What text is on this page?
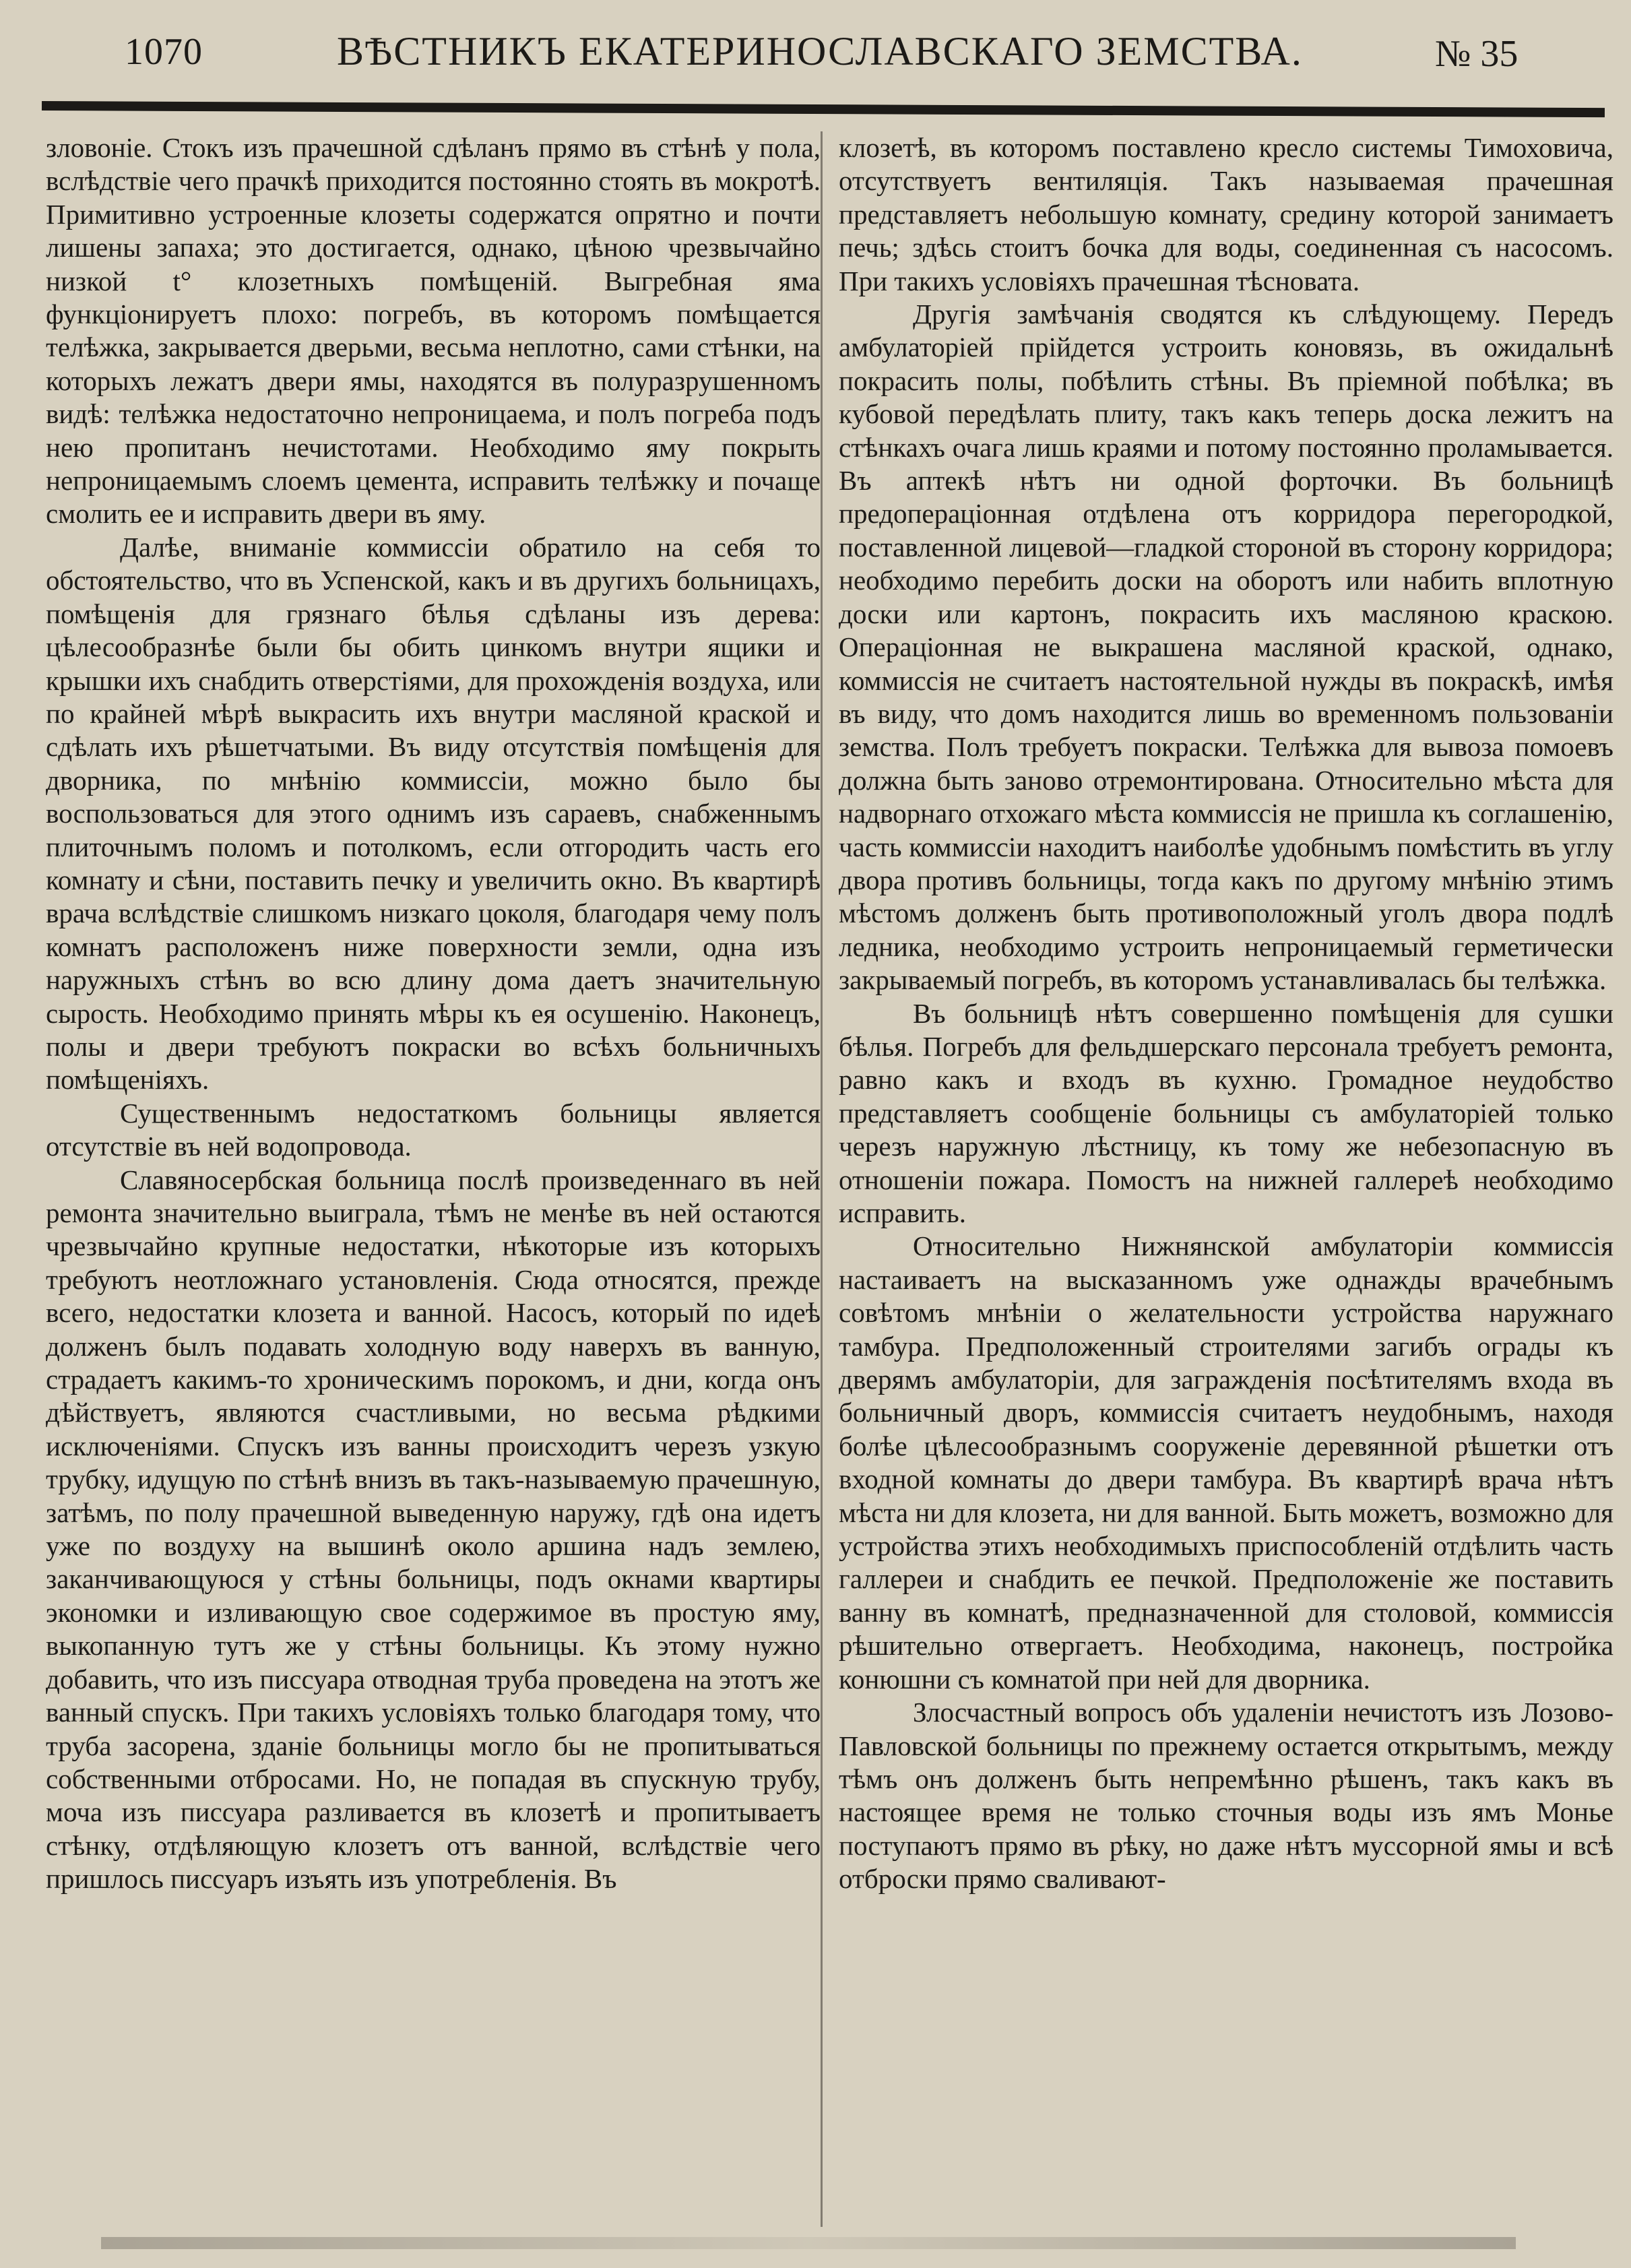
1070	ВѢСТНИКЪ ЕКАТЕРИНОСЛАВСКАГО ЗЕМСТВА.	№ 35

зловоніе. Стокъ изъ прачешной сдѣланъ прямо въ стѣнѣ у пола, вслѣдствіе чего прачкѣ приходится постоянно стоять въ мокротѣ. Примитивно устроенные клозеты содержатся опрятно и почти лишены запаха; это достигается, однако, цѣною чрезвычайно низкой t° клозетныхъ помѣщеній. Выгребная яма функціонируетъ плохо: погребъ, въ которомъ помѣщается телѣжка, закрывается дверьми, весьма неплотно, сами стѣнки, на которыхъ лежатъ двери ямы, находятся въ полуразрушенномъ видѣ: телѣжка недостаточно непроницаема, и полъ погреба подъ нею пропитанъ нечистотами. Необходимо яму покрыть непроницаемымъ слоемъ цемента, исправить телѣжку и почаще смолить ее и исправить двери въ яму.

Далѣе, вниманіе коммиссіи обратило на себя то обстоятельство, что въ Успенской, какъ и въ другихъ больницахъ, помѣщенія для грязнаго бѣлья сдѣланы изъ дерева: цѣлесообразнѣе были бы обить цинкомъ внутри ящики и крышки ихъ снабдить отверстіями, для прохожденія воздуха, или по крайней мѣрѣ выкрасить ихъ внутри масляной краской и сдѣлать ихъ рѣшетчатыми. Въ виду отсутствія помѣщенія для дворника, по мнѣнію коммиссіи, можно было бы воспользоваться для этого однимъ изъ сараевъ, снабженнымъ плиточнымъ поломъ и потолкомъ, если отгородить часть его комнату и сѣни, поставить печку и увеличить окно. Въ квартирѣ врача вслѣдствіе слишкомъ низкаго цоколя, благодаря чему полъ комнатъ расположенъ ниже поверхности земли, одна изъ наружныхъ стѣнъ во всю длину дома даетъ значительную сырость. Необходимо принять мѣры къ ея осушенію. Наконецъ, полы и двери требуютъ покраски во всѣхъ больничныхъ помѣщеніяхъ.

Существеннымъ недостаткомъ больницы является отсутствіе въ ней водопровода.

Славяносербская больница послѣ произведеннаго въ ней ремонта значительно выиграла, тѣмъ не менѣе въ ней остаются чрезвычайно крупные недостатки, нѣкоторые изъ которыхъ требуютъ неотложнаго установленія. Сюда относятся, прежде всего, недостатки клозета и ванной. Насосъ, который по идеѣ долженъ былъ подавать холодную воду наверхъ въ ванную, страдаетъ какимъ-то хроническимъ порокомъ, и дни, когда онъ дѣйствуетъ, являются счастливыми, но весьма рѣдкими исключеніями. Спускъ изъ ванны происходитъ черезъ узкую трубку, идущую по стѣнѣ внизъ въ такъ-называемую прачешную, затѣмъ, по полу прачешной выведенную наружу, гдѣ она идетъ уже по воздуху на вышинѣ около аршина надъ землею, заканчивающуюся у стѣны больницы, подъ окнами квартиры экономки и изливающую свое содержимое въ простую яму, выкопанную тутъ же у стѣны больницы. Къ этому нужно добавить, что изъ писсуара отводная труба проведена на этотъ же ванный спускъ. При такихъ условіяхъ только благодаря тому, что труба засорена, зданіе больницы могло бы не пропитываться собственными отбросами. Но, не попадая въ спускную трубу, моча изъ писсуара разливается въ клозетѣ и пропитываетъ стѣнку, отдѣляющую клозетъ отъ ванной, вслѣдствіе чего пришлось писсуаръ изъять изъ употребленія. Въ

клозетѣ, въ которомъ поставлено кресло системы Тимоховича, отсутствуетъ вентиляція. Такъ называемая прачешная представляетъ небольшую комнату, средину которой занимаетъ печь; здѣсь стоитъ бочка для воды, соединенная съ насосомъ. При такихъ условіяхъ прачешная тѣсновата.

Другія замѣчанія сводятся къ слѣдующему. Передъ амбулаторіей прійдется устроить коновязь, въ ожидальнѣ покрасить полы, побѣлить стѣны. Въ пріемной побѣлка; въ кубовой передѣлать плиту, такъ какъ теперь доска лежитъ на стѣнкахъ очага лишь краями и потому постоянно проламывается. Въ аптекѣ нѣтъ ни одной форточки. Въ больницѣ предопераціонная отдѣлена отъ корридора перегородкой, поставленной лицевой—гладкой стороной въ сторону корридора; необходимо перебить доски на оборотъ или набить вплотную доски или картонъ, покрасить ихъ масляною краскою. Операціонная не выкрашена масляной краской, однако, коммиссія не считаетъ настоятельной нужды въ покраскѣ, имѣя въ виду, что домъ находится лишь во временномъ пользованіи земства. Полъ требуетъ покраски. Телѣжка для вывоза помоевъ должна быть заново отремонтирована. Относительно мѣста для надворнаго отхожаго мѣста коммиссія не пришла къ соглашенію, часть коммиссіи находитъ наиболѣе удобнымъ помѣстить въ углу двора противъ больницы, тогда какъ по другому мнѣнію этимъ мѣстомъ долженъ быть противоположный уголъ двора подлѣ ледника, необходимо устроить непроницаемый герметически закрываемый погребъ, въ которомъ устанавливалась бы телѣжка.

Въ больницѣ нѣтъ совершенно помѣщенія для сушки бѣлья. Погребъ для фельдшерскаго персонала требуетъ ремонта, равно какъ и входъ въ кухню. Громадное неудобство представляетъ сообщеніе больницы съ амбулаторіей только черезъ наружную лѣстницу, къ тому же небезопасную въ отношеніи пожара. Помостъ на нижней галлереѣ необходимо исправить.

Относительно Нижнянской амбулаторіи коммиссія настаиваетъ на высказанномъ уже однажды врачебнымъ совѣтомъ мнѣніи о желательности устройства наружнаго тамбура. Предположенный строителями загибъ ограды къ дверямъ амбулаторіи, для загражденія посѣтителямъ входа въ больничный дворъ, коммиссія считаетъ неудобнымъ, находя болѣе цѣлесообразнымъ сооруженіе деревянной рѣшетки отъ входной комнаты до двери тамбура. Въ квартирѣ врача нѣтъ мѣста ни для клозета, ни для ванной. Быть можетъ, возможно для устройства этихъ необходимыхъ приспособленій отдѣлить часть галлереи и снабдить ее печкой. Предположеніе же поставить ванну въ комнатѣ, предназначенной для столовой, коммиссія рѣшительно отвергаетъ. Необходима, наконецъ, постройка конюшни съ комнатой при ней для дворника.

Злосчастный вопросъ объ удаленіи нечистотъ изъ Лозово-Павловской больницы по прежнему остается открытымъ, между тѣмъ онъ долженъ быть непремѣнно рѣшенъ, такъ какъ въ настоящее время не только сточныя воды изъ ямъ Монье поступаютъ прямо въ рѣку, но даже нѣтъ муссорной ямы и всѣ отброски прямо сваливают-
